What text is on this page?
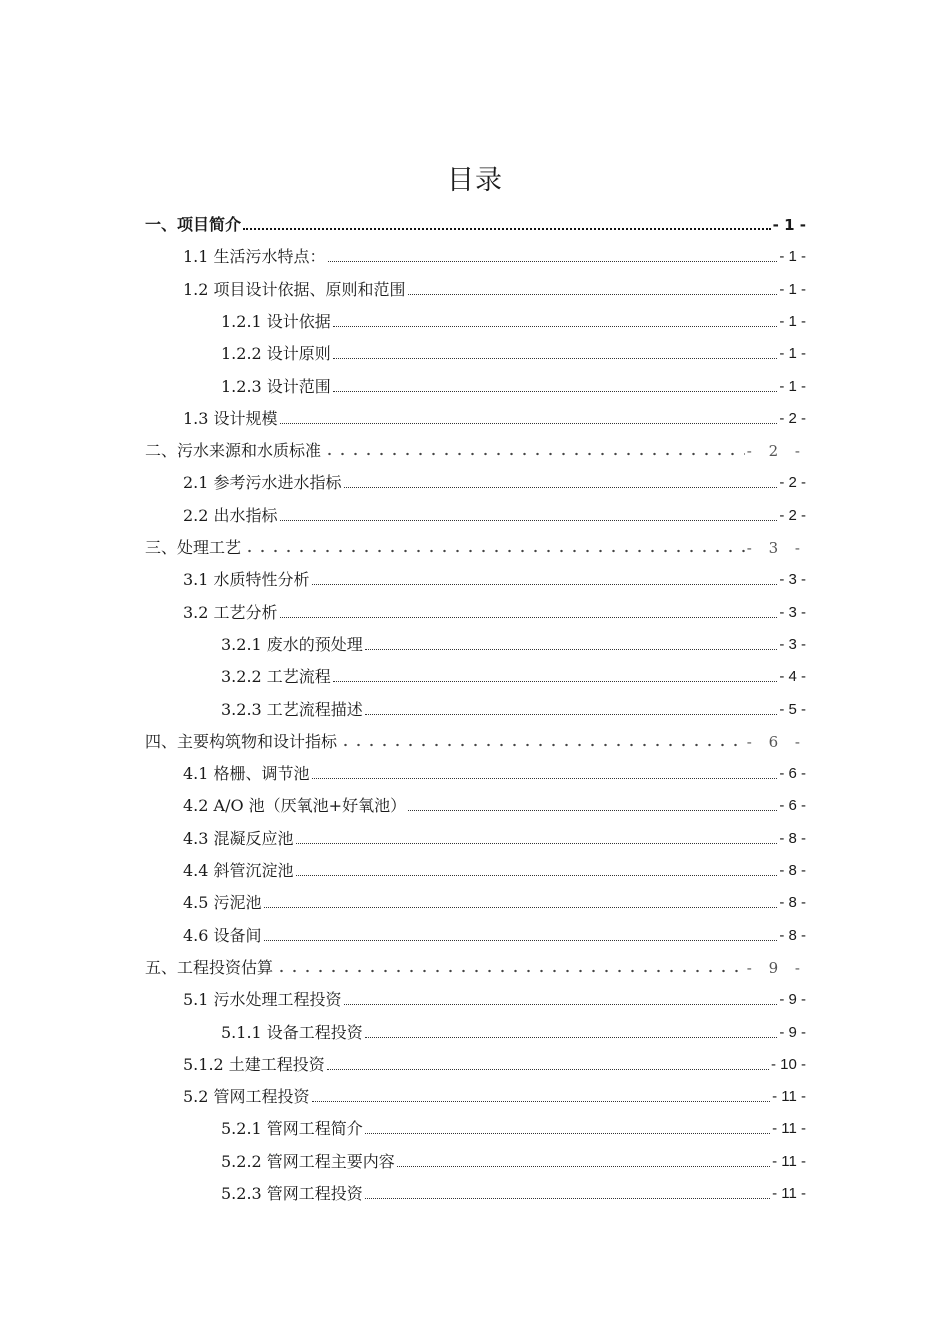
目录
一、项目简介	- 1 -
1.1 生活污水特点：	- 1 -
1.2 项目设计依据、原则和范围	- 1 -
1.2.1 设计依据	- 1 -
1.2.2 设计原则	- 1 -
1.2.3 设计范围	- 1 -
1.3 设计规模	- 2 -
二、污水来源和水质标准	- 2 -
2.1 参考污水进水指标	- 2 -
2.2 出水指标	- 2 -
三、处理工艺	- 3 -
3.1 水质特性分析	- 3 -
3.2 工艺分析	- 3 -
3.2.1 废水的预处理	- 3 -
3.2.2 工艺流程	- 4 -
3.2.3 工艺流程描述	- 5 -
四、主要构筑物和设计指标	- 6 -
4.1 格栅、调节池	- 6 -
4.2 A/O 池（厌氧池+好氧池）	- 6 -
4.3 混凝反应池	- 8 -
4.4 斜管沉淀池	- 8 -
4.5 污泥池	- 8 -
4.6 设备间	- 8 -
五、工程投资估算	- 9 -
5.1 污水处理工程投资	- 9 -
5.1.1 设备工程投资	- 9 -
5.1.2 土建工程投资	- 10 -
5.2 管网工程投资	- 11 -
5.2.1 管网工程简介	- 11 -
5.2.2 管网工程主要内容	- 11 -
5.2.3 管网工程投资	- 11 -
